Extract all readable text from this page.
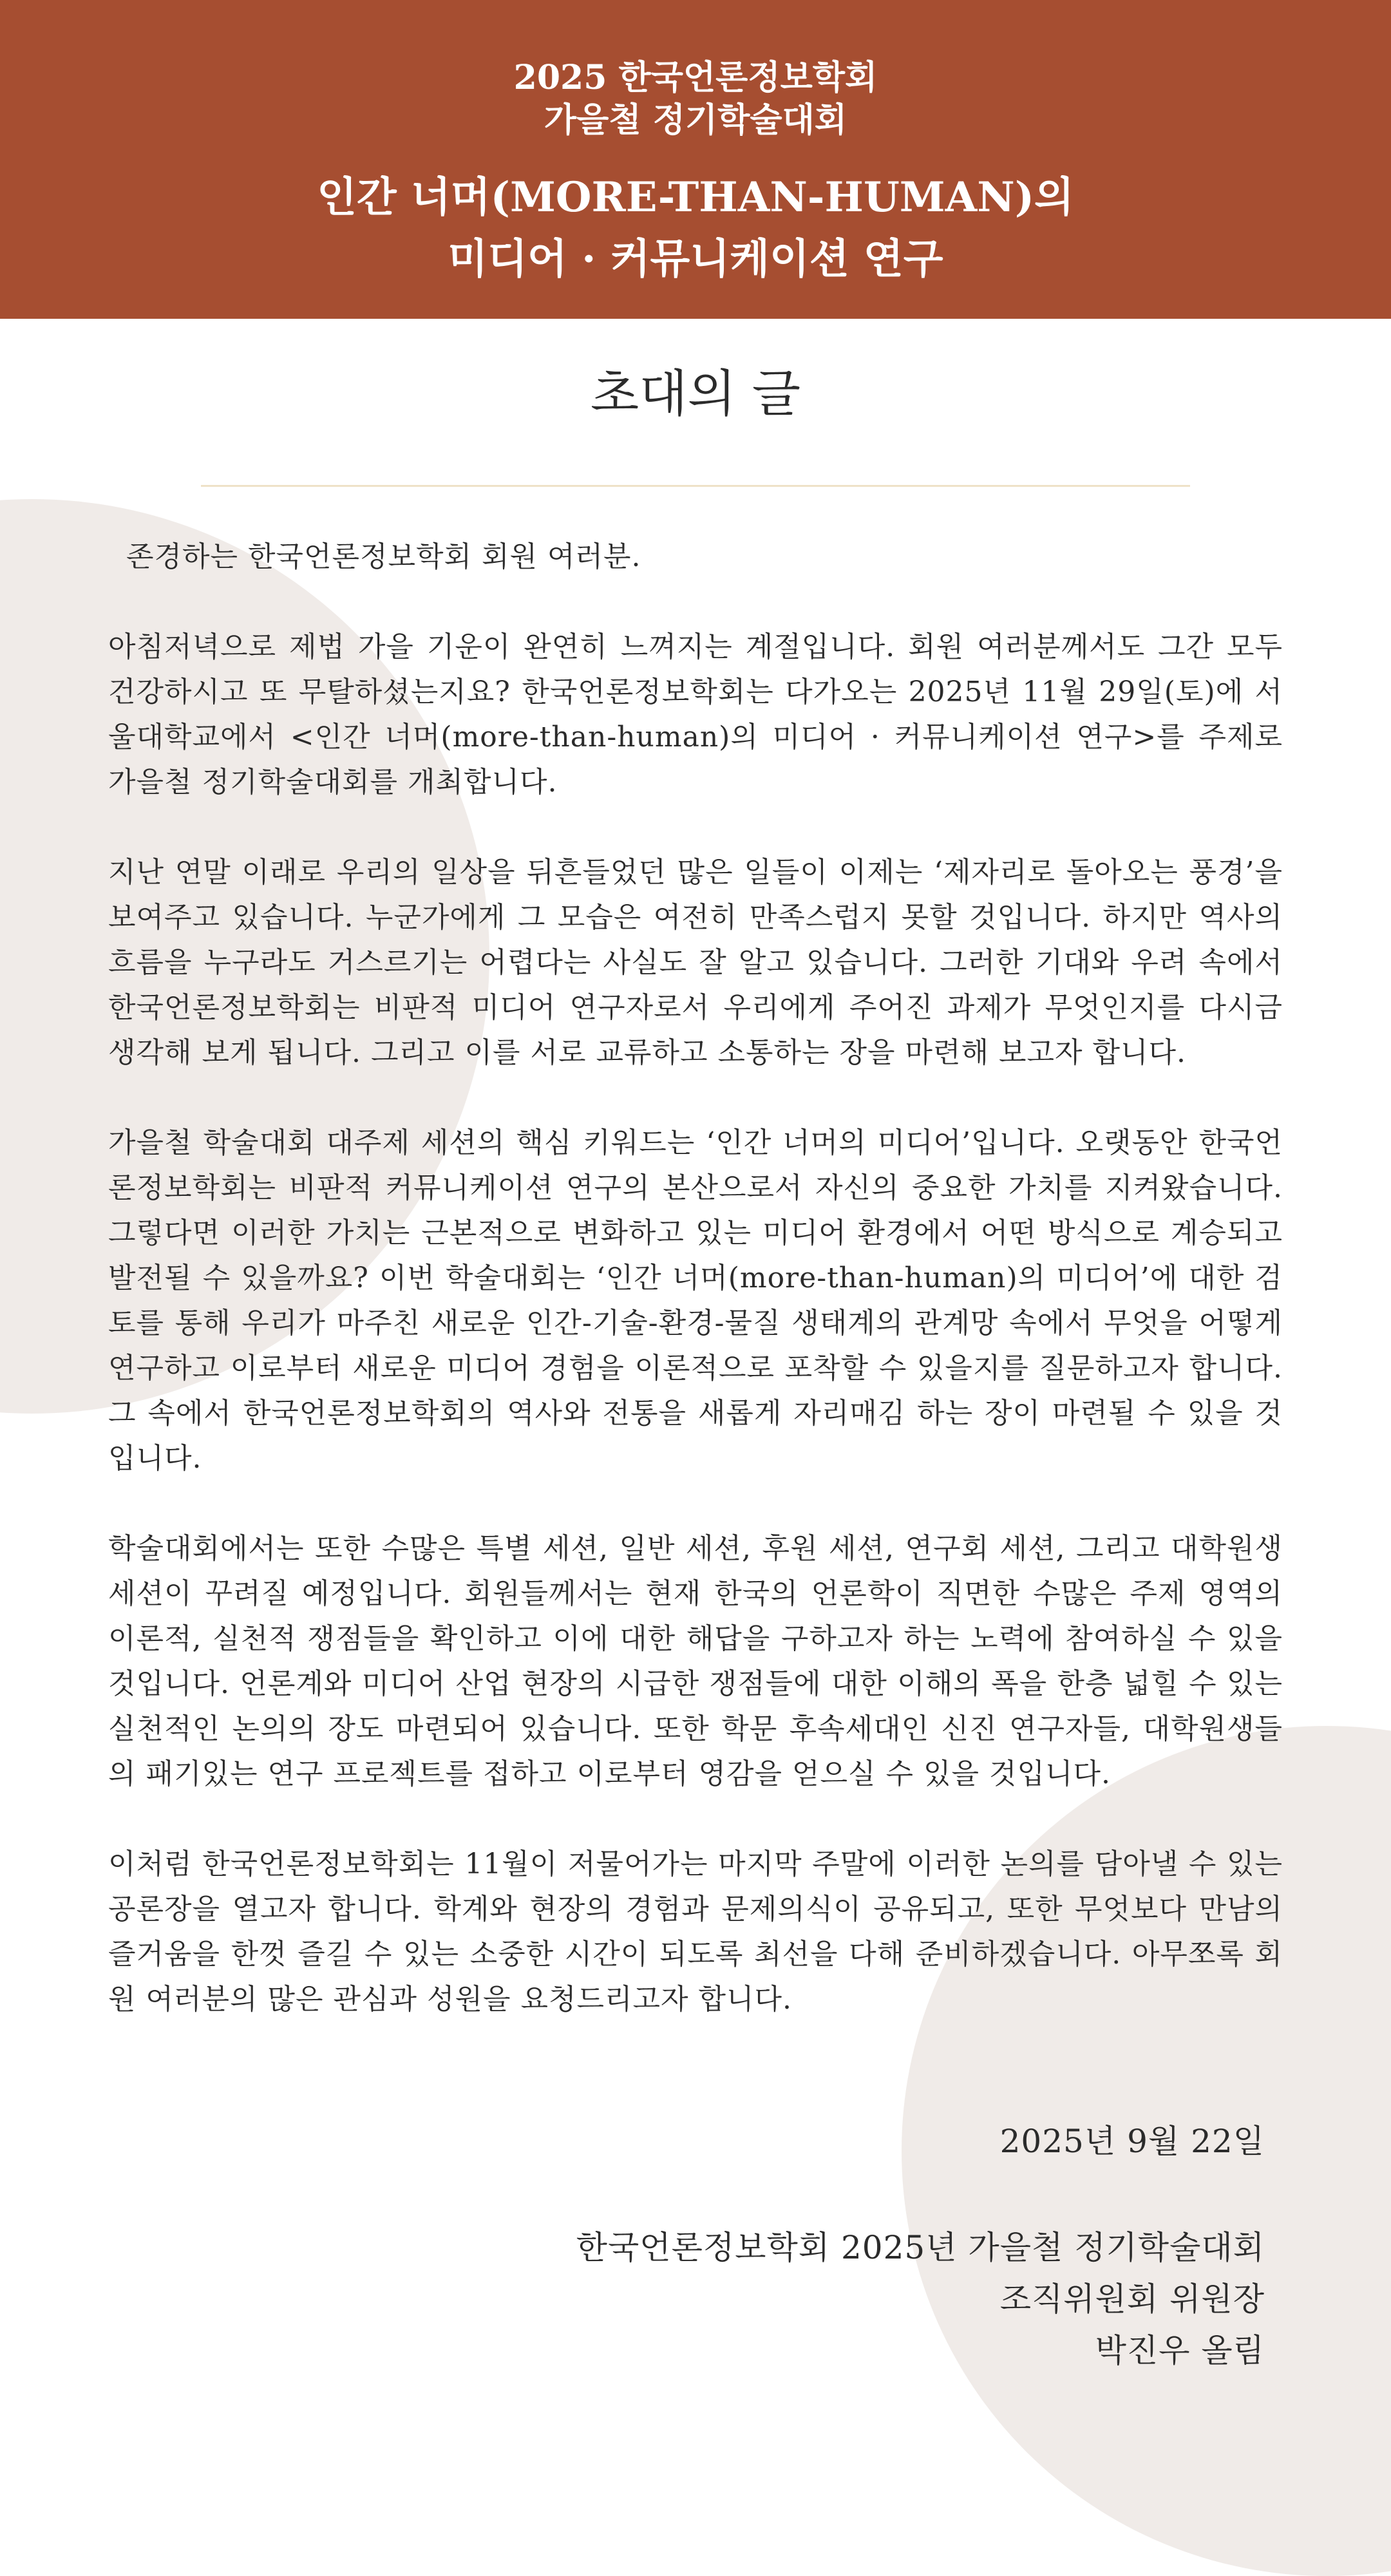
2025 한국언론정보학회
가을철 정기학술대회
인간 너머(MORE-THAN-HUMAN)의
미디어 · 커뮤니케이션 연구
초대의 글

존경하는 한국언론정보학회 회원 여러분.

아침저녁으로 제법 가을 기운이 완연히 느껴지는 계절입니다. 회원 여러분께서도 그간 모두 건강하시고 또 무탈하셨는지요? 한국언론정보학회는 다가오는 2025년 11월 29일(토)에 서울대학교에서 <인간 너머(more-than-human)의 미디어 · 커뮤니케이션 연구>를 주제로 가을철 정기학술대회를 개최합니다.

지난 연말 이래로 우리의 일상을 뒤흔들었던 많은 일들이 이제는 ‘제자리로 돌아오는 풍경’을 보여주고 있습니다. 누군가에게 그 모습은 여전히 만족스럽지 못할 것입니다. 하지만 역사의 흐름을 누구라도 거스르기는 어렵다는 사실도 잘 알고 있습니다. 그러한 기대와 우려 속에서 한국언론정보학회는 비판적 미디어 연구자로서 우리에게 주어진 과제가 무엇인지를 다시금 생각해 보게 됩니다. 그리고 이를 서로 교류하고 소통하는 장을 마련해 보고자 합니다.

가을철 학술대회 대주제 세션의 핵심 키워드는 ‘인간 너머의 미디어’입니다. 오랫동안 한국언론정보학회는 비판적 커뮤니케이션 연구의 본산으로서 자신의 중요한 가치를 지켜왔습니다. 그렇다면 이러한 가치는 근본적으로 변화하고 있는 미디어 환경에서 어떤 방식으로 계승되고 발전될 수 있을까요? 이번 학술대회는 ‘인간 너머(more-than-human)의 미디어’에 대한 검토를 통해 우리가 마주친 새로운 인간-기술-환경-물질 생태계의 관계망 속에서 무엇을 어떻게 연구하고 이로부터 새로운 미디어 경험을 이론적으로 포착할 수 있을지를 질문하고자 합니다. 그 속에서 한국언론정보학회의 역사와 전통을 새롭게 자리매김 하는 장이 마련될 수 있을 것입니다.

학술대회에서는 또한 수많은 특별 세션, 일반 세션, 후원 세션, 연구회 세션, 그리고 대학원생 세션이 꾸려질 예정입니다. 회원들께서는 현재 한국의 언론학이 직면한 수많은 주제 영역의 이론적, 실천적 쟁점들을 확인하고 이에 대한 해답을 구하고자 하는 노력에 참여하실 수 있을 것입니다. 언론계와 미디어 산업 현장의 시급한 쟁점들에 대한 이해의 폭을 한층 넓힐 수 있는 실천적인 논의의 장도 마련되어 있습니다. 또한 학문 후속세대인 신진 연구자들, 대학원생들의 패기있는 연구 프로젝트를 접하고 이로부터 영감을 얻으실 수 있을 것입니다.

이처럼 한국언론정보학회는 11월이 저물어가는 마지막 주말에 이러한 논의를 담아낼 수 있는 공론장을 열고자 합니다. 학계와 현장의 경험과 문제의식이 공유되고, 또한 무엇보다 만남의 즐거움을 한껏 즐길 수 있는 소중한 시간이 되도록 최선을 다해 준비하겠습니다. 아무쪼록 회원 여러분의 많은 관심과 성원을 요청드리고자 합니다.

2025년 9월 22일
한국언론정보학회 2025년 가을철 정기학술대회
조직위원회 위원장
박진우 올림
